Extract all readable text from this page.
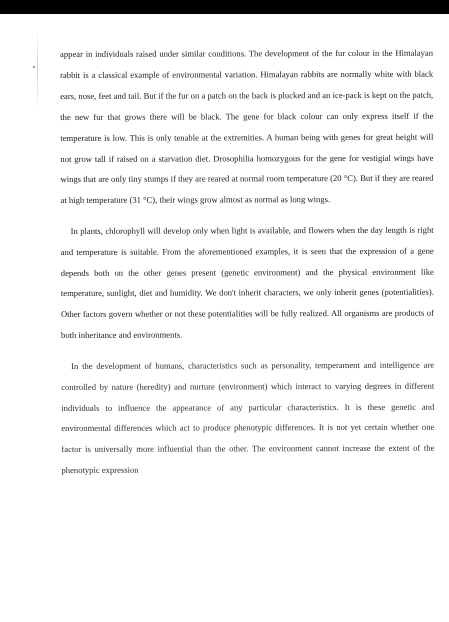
appear in individuals raised under similar conditions. The development of the fur colour in the Himalayan rabbit is a classical example of environmental variation. Himalayan rabbits are normally white with black ears, nose, feet and tail. But if the fur on a patch on the back is plucked and an ice-pack is kept on the patch, the new fur that grows there will be black. The gene for black colour can only express itself if the temperature is low. This is only tenable at the extremities. A human being with genes for great height will not grow tall if raised on a starvation diet. Drosophilia homozygous for the gene for vestigial wings have wings that are only tiny stumps if they are reared at normal room temperature (20 °C). But if they are reared at high temperature (31 °C), their wings grow almost as normal as long wings.

In plants, chlorophyll will develop only when light is available, and flowers when the day length is right and temperature is suitable. From the aforementioned examples, it is seen that the expression of a gene depends both on the other genes present (genetic environment) and the physical environment like temperature, sunlight, diet and humidity. We don't inherit characters, we only inherit genes (potentialities). Other factors govern whether or not these potentialities will be fully realized. All organisms are products of both inheritance and environments.

In the development of humans, characteristics such as personality, temperament and intelligence are controlled by nature (heredity) and nurture (environment) which interact to varying degrees in different individuals to influence the appearance of any particular characteristics. It is these genetic and environmental differences which act to produce phenotypic differences. It is not yet certain whether one factor is universally more influential than the other. The environment cannot increase the extent of the phenotypic expression
